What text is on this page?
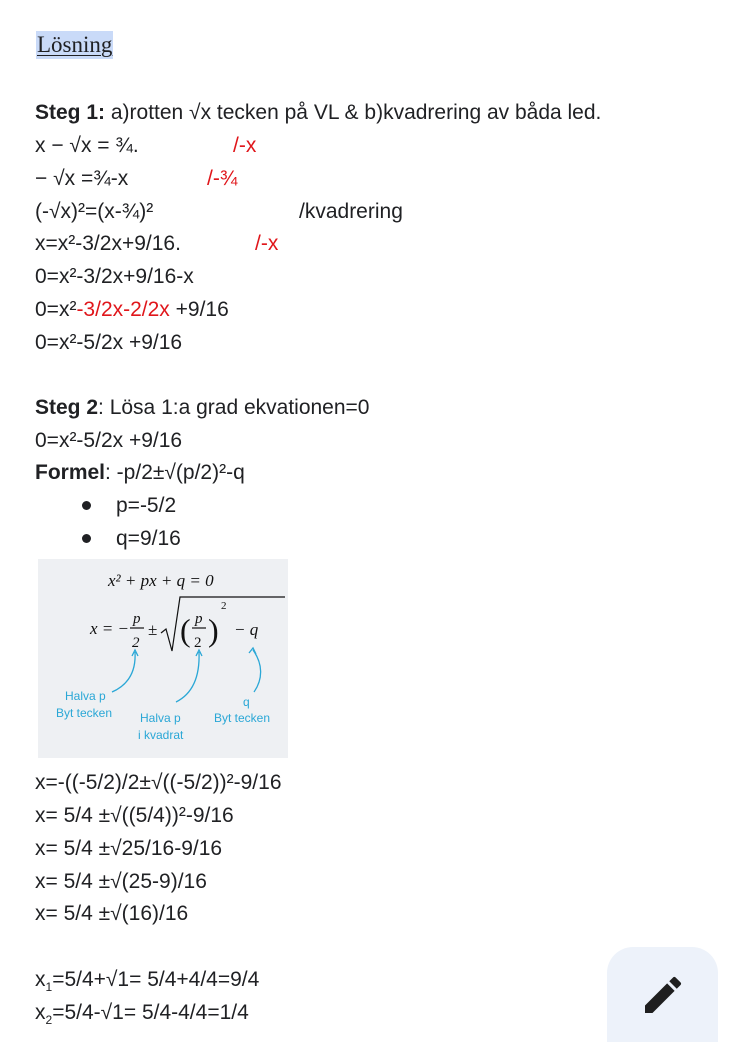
Lösning
Steg 1: a)rotten √x tecken på VL & b)kvadrering av båda led.
x − √x = ¾.	/-x
− √x =¾-x	/-¾
(-√x)²=(x-¾)²	/kvadrering
x=x²-3/2x+9/16.	/-x
0=x²-3/2x+9/16-x
0=x²-3/2x-2/2x +9/16
0=x²-5/2x +9/16
Steg 2: Lösa 1:a grad ekvationen=0
0=x²-5/2x +9/16
Formel: -p/2±√(p/2)²-q
p=-5/2
q=9/16
x² + px + q = 0
x = − p
2
± ( p
2 )
2
− q
Halva p
Byt tecken Halva p
i kvadrat
q
Byt tecken
x=-((-5/2)/2±√((-5/2))²-9/16
x= 5/4 ±√((5/4))²-9/16
x= 5/4 ±√25/16-9/16
x= 5/4 ±√(25-9)/16
x= 5/4 ±√(16)/16
$x_1=5/4+√1= 5/4+4/4=9/4$
$x_2=5/4-√1= 5/4-4/4=1/4$
